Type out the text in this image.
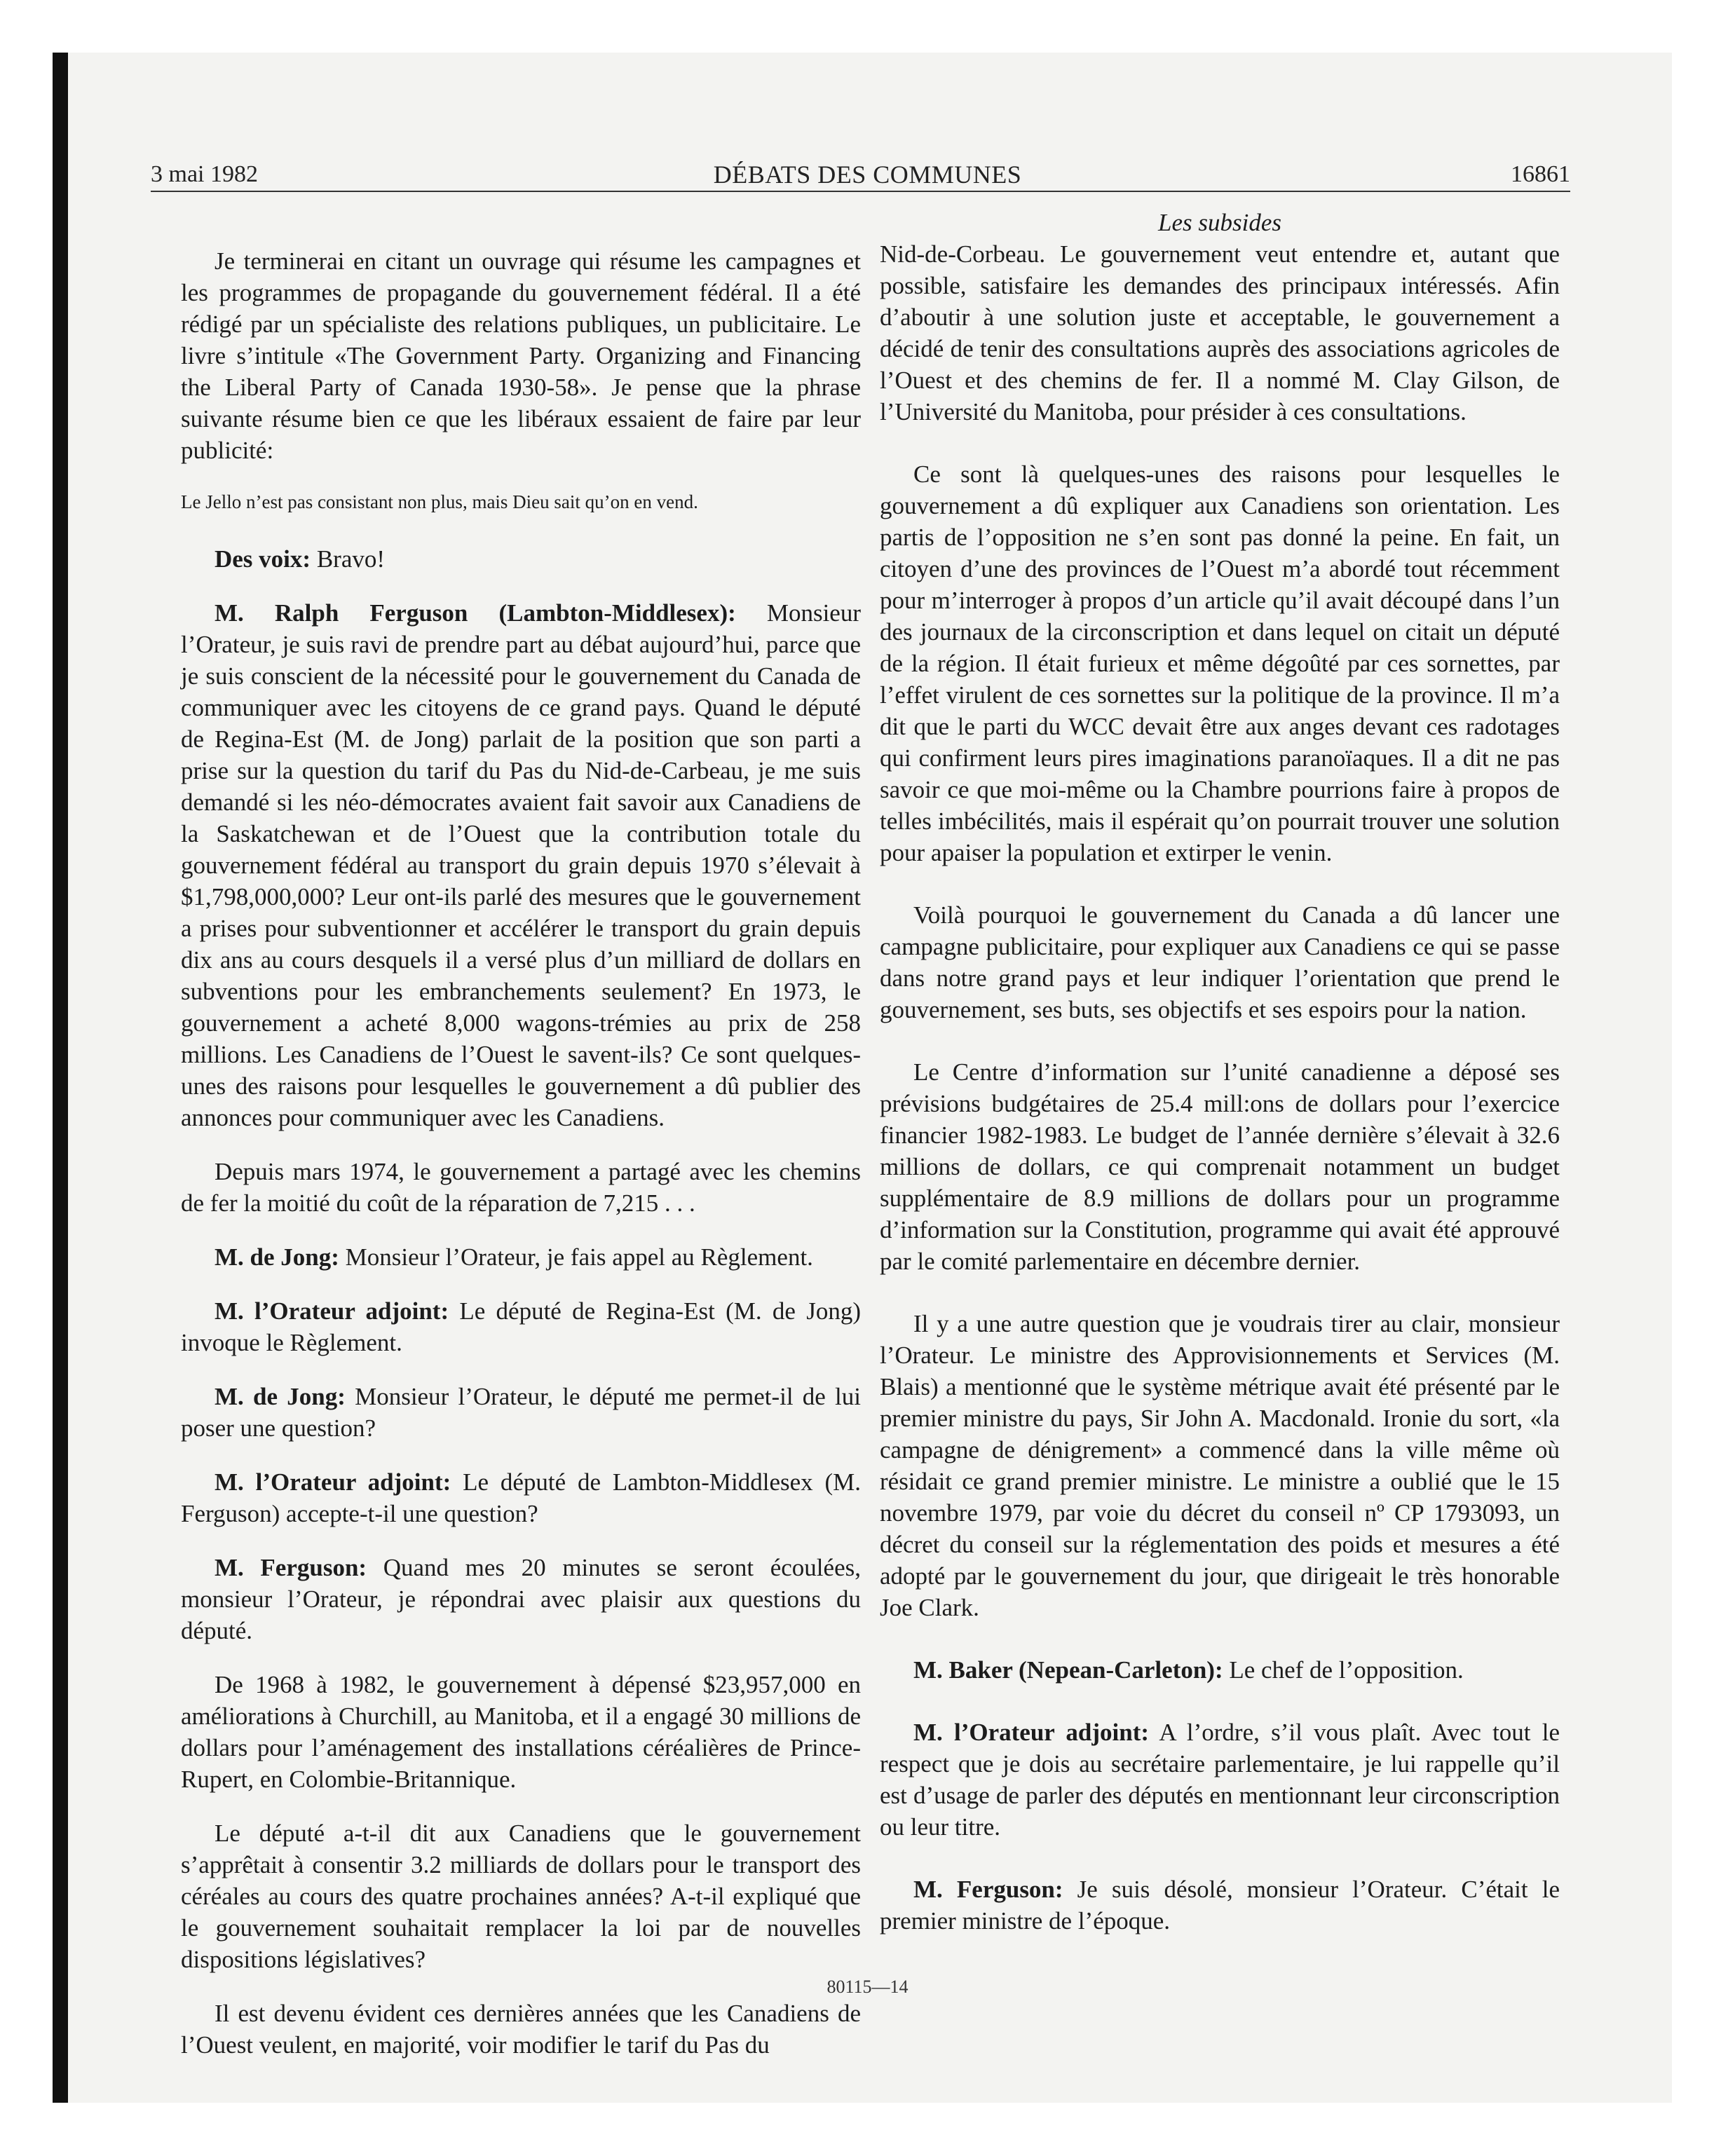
3 mai 1982	DÉBATS DES COMMUNES	16861

Je terminerai en citant un ouvrage qui résume les campagnes et les programmes de propagande du gouvernement fédéral. Il a été rédigé par un spécialiste des relations publiques, un publicitaire. Le livre s’intitule «The Government Party. Organizing and Financing the Liberal Party of Canada 1930-58». Je pense que la phrase suivante résume bien ce que les libéraux essaient de faire par leur publicité:

Le Jello n’est pas consistant non plus, mais Dieu sait qu’on en vend.

Des voix: Bravo!

M. Ralph Ferguson (Lambton-Middlesex): Monsieur l’Orateur, je suis ravi de prendre part au débat aujourd’hui, parce que je suis conscient de la nécessité pour le gouvernement du Canada de communiquer avec les citoyens de ce grand pays. Quand le député de Regina-Est (M. de Jong) parlait de la position que son parti a prise sur la question du tarif du Pas du Nid-de-Carbeau, je me suis demandé si les néo-démocrates avaient fait savoir aux Canadiens de la Saskatchewan et de l’Ouest que la contribution totale du gouvernement fédéral au transport du grain depuis 1970 s’élevait à $1,798,000,000? Leur ont-ils parlé des mesures que le gouvernement a prises pour subventionner et accélérer le transport du grain depuis dix ans au cours desquels il a versé plus d’un milliard de dollars en subventions pour les embranchements seulement? En 1973, le gouvernement a acheté 8,000 wagons-trémies au prix de 258 millions. Les Canadiens de l’Ouest le savent-ils? Ce sont quelques-unes des raisons pour lesquelles le gouvernement a dû publier des annonces pour communiquer avec les Canadiens.

Depuis mars 1974, le gouvernement a partagé avec les chemins de fer la moitié du coût de la réparation de 7,215 . . .

M. de Jong: Monsieur l’Orateur, je fais appel au Règlement.

M. l’Orateur adjoint: Le député de Regina-Est (M. de Jong) invoque le Règlement.

M. de Jong: Monsieur l’Orateur, le député me permet-il de lui poser une question?

M. l’Orateur adjoint: Le député de Lambton-Middlesex (M. Ferguson) accepte-t-il une question?

M. Ferguson: Quand mes 20 minutes se seront écoulées, monsieur l’Orateur, je répondrai avec plaisir aux questions du député.

De 1968 à 1982, le gouvernement à dépensé $23,957,000 en améliorations à Churchill, au Manitoba, et il a engagé 30 millions de dollars pour l’aménagement des installations céréalières de Prince-Rupert, en Colombie-Britannique.

Le député a-t-il dit aux Canadiens que le gouvernement s’apprêtait à consentir 3.2 milliards de dollars pour le transport des céréales au cours des quatre prochaines années? A-t-il expliqué que le gouvernement souhaitait remplacer la loi par de nouvelles dispositions législatives?

Il est devenu évident ces dernières années que les Canadiens de l’Ouest veulent, en majorité, voir modifier le tarif du Pas du

Les subsides

Nid-de-Corbeau. Le gouvernement veut entendre et, autant que possible, satisfaire les demandes des principaux intéressés. Afin d’aboutir à une solution juste et acceptable, le gouvernement a décidé de tenir des consultations auprès des associations agricoles de l’Ouest et des chemins de fer. Il a nommé M. Clay Gilson, de l’Université du Manitoba, pour présider à ces consultations.

Ce sont là quelques-unes des raisons pour lesquelles le gouvernement a dû expliquer aux Canadiens son orientation. Les partis de l’opposition ne s’en sont pas donné la peine. En fait, un citoyen d’une des provinces de l’Ouest m’a abordé tout récemment pour m’interroger à propos d’un article qu’il avait découpé dans l’un des journaux de la circonscription et dans lequel on citait un député de la région. Il était furieux et même dégoûté par ces sornettes, par l’effet virulent de ces sornettes sur la politique de la province. Il m’a dit que le parti du WCC devait être aux anges devant ces radotages qui confirment leurs pires imaginations paranoïaques. Il a dit ne pas savoir ce que moi-même ou la Chambre pourrions faire à propos de telles imbécilités, mais il espérait qu’on pourrait trouver une solution pour apaiser la population et extirper le venin.

Voilà pourquoi le gouvernement du Canada a dû lancer une campagne publicitaire, pour expliquer aux Canadiens ce qui se passe dans notre grand pays et leur indiquer l’orientation que prend le gouvernement, ses buts, ses objectifs et ses espoirs pour la nation.

Le Centre d’information sur l’unité canadienne a déposé ses prévisions budgétaires de 25.4 mill:ons de dollars pour l’exercice financier 1982-1983. Le budget de l’année dernière s’élevait à 32.6 millions de dollars, ce qui comprenait notamment un budget supplémentaire de 8.9 millions de dollars pour un programme d’information sur la Constitution, programme qui avait été approuvé par le comité parlementaire en décembre dernier.

Il y a une autre question que je voudrais tirer au clair, monsieur l’Orateur. Le ministre des Approvisionnements et Services (M. Blais) a mentionné que le système métrique avait été présenté par le premier ministre du pays, Sir John A. Macdonald. Ironie du sort, «la campagne de dénigrement» a commencé dans la ville même où résidait ce grand premier ministre. Le ministre a oublié que le 15 novembre 1979, par voie du décret du conseil nº CP 1793093, un décret du conseil sur la réglementation des poids et mesures a été adopté par le gouvernement du jour, que dirigeait le très honorable Joe Clark.

M. Baker (Nepean-Carleton): Le chef de l’opposition.

M. l’Orateur adjoint: A l’ordre, s’il vous plaît. Avec tout le respect que je dois au secrétaire parlementaire, je lui rappelle qu’il est d’usage de parler des députés en mentionnant leur circonscription ou leur titre.

M. Ferguson: Je suis désolé, monsieur l’Orateur. C’était le premier ministre de l’époque.

80115—14
